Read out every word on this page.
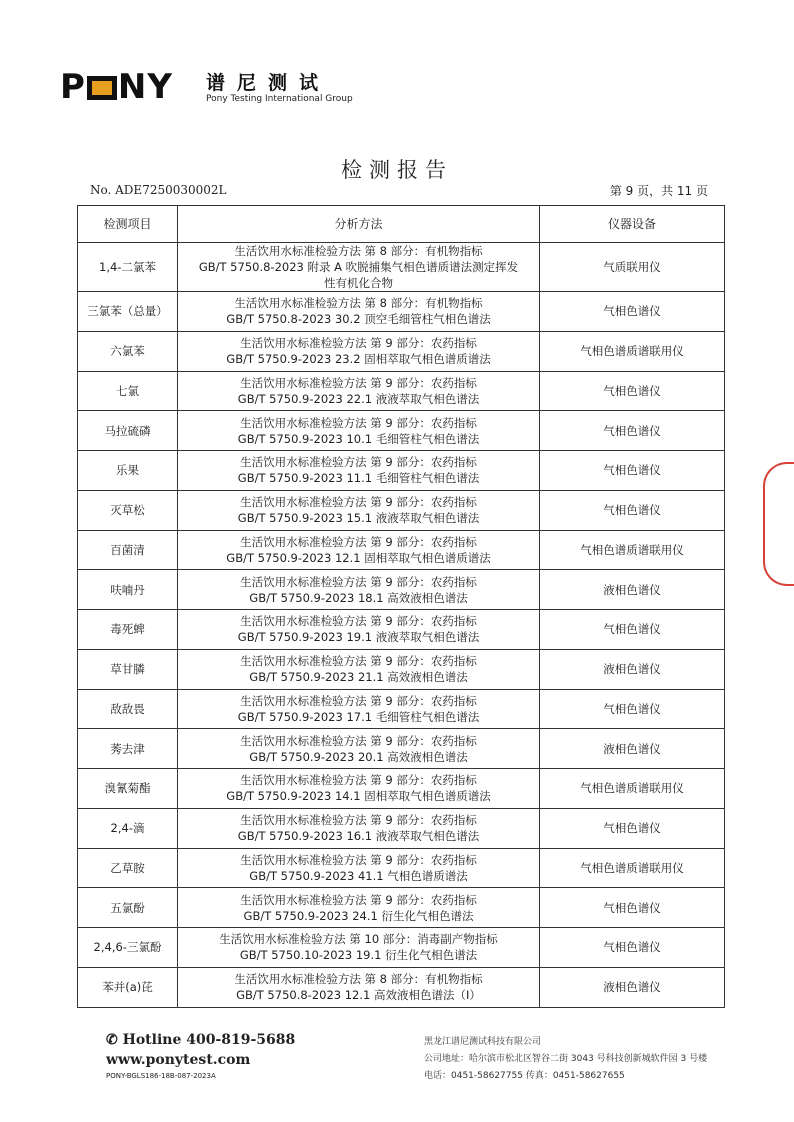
P NY 谱尼测试
Pony Testing International Group
检测报告
No. ADE7250030002L	第 9 页，共 11 页
检测项目	分析方法	仪器设备
1,4-二氯苯	生活饮用水标准检验方法 第 8 部分：有机物指标
GB/T 5750.8-2023 附录 A 吹脱捕集气相色谱质谱法测定挥发
性有机化合物	气质联用仪
三氯苯（总量）	生活饮用水标准检验方法 第 8 部分：有机物指标
GB/T 5750.8-2023 30.2 顶空毛细管柱气相色谱法	气相色谱仪
六氯苯	生活饮用水标准检验方法 第 9 部分：农药指标
GB/T 5750.9-2023 23.2 固相萃取气相色谱质谱法	气相色谱质谱联用仪
七氯	生活饮用水标准检验方法 第 9 部分：农药指标
GB/T 5750.9-2023 22.1 液液萃取气相色谱法	气相色谱仪
马拉硫磷	生活饮用水标准检验方法 第 9 部分：农药指标
GB/T 5750.9-2023 10.1 毛细管柱气相色谱法	气相色谱仪
乐果	生活饮用水标准检验方法 第 9 部分：农药指标
GB/T 5750.9-2023 11.1 毛细管柱气相色谱法	气相色谱仪
灭草松	生活饮用水标准检验方法 第 9 部分：农药指标
GB/T 5750.9-2023 15.1 液液萃取气相色谱法	气相色谱仪
百菌清	生活饮用水标准检验方法 第 9 部分：农药指标
GB/T 5750.9-2023 12.1 固相萃取气相色谱质谱法	气相色谱质谱联用仪
呋喃丹	生活饮用水标准检验方法 第 9 部分：农药指标
GB/T 5750.9-2023 18.1 高效液相色谱法	液相色谱仪
毒死蜱	生活饮用水标准检验方法 第 9 部分：农药指标
GB/T 5750.9-2023 19.1 液液萃取气相色谱法	气相色谱仪
草甘膦	生活饮用水标准检验方法 第 9 部分：农药指标
GB/T 5750.9-2023 21.1 高效液相色谱法	液相色谱仪
敌敌畏	生活饮用水标准检验方法 第 9 部分：农药指标
GB/T 5750.9-2023 17.1 毛细管柱气相色谱法	气相色谱仪
莠去津	生活饮用水标准检验方法 第 9 部分：农药指标
GB/T 5750.9-2023 20.1 高效液相色谱法	液相色谱仪
溴氰菊酯	生活饮用水标准检验方法 第 9 部分：农药指标
GB/T 5750.9-2023 14.1 固相萃取气相色谱质谱法	气相色谱质谱联用仪
2,4-滴	生活饮用水标准检验方法 第 9 部分：农药指标
GB/T 5750.9-2023 16.1 液液萃取气相色谱法	气相色谱仪
乙草胺	生活饮用水标准检验方法 第 9 部分：农药指标
GB/T 5750.9-2023 41.1 气相色谱质谱法	气相色谱质谱联用仪
五氯酚	生活饮用水标准检验方法 第 9 部分：农药指标
GB/T 5750.9-2023 24.1 衍生化气相色谱法	气相色谱仪
2,4,6-三氯酚	生活饮用水标准检验方法 第 10 部分：消毒副产物指标
GB/T 5750.10-2023 19.1 衍生化气相色谱法	气相色谱仪
苯并(a)芘	生活饮用水标准检验方法 第 8 部分：有机物指标
GB/T 5750.8-2023 12.1 高效液相色谱法（I）	液相色谱仪
✆ Hotline 400-819-5688
www.ponytest.com
PONY-BGLS186-18B-087-2023A
黑龙江谱尼测试科技有限公司
公司地址：哈尔滨市松北区智谷二街 3043 号科技创新城软件园 3 号楼
电话：0451-58627755 传真：0451-58627655
